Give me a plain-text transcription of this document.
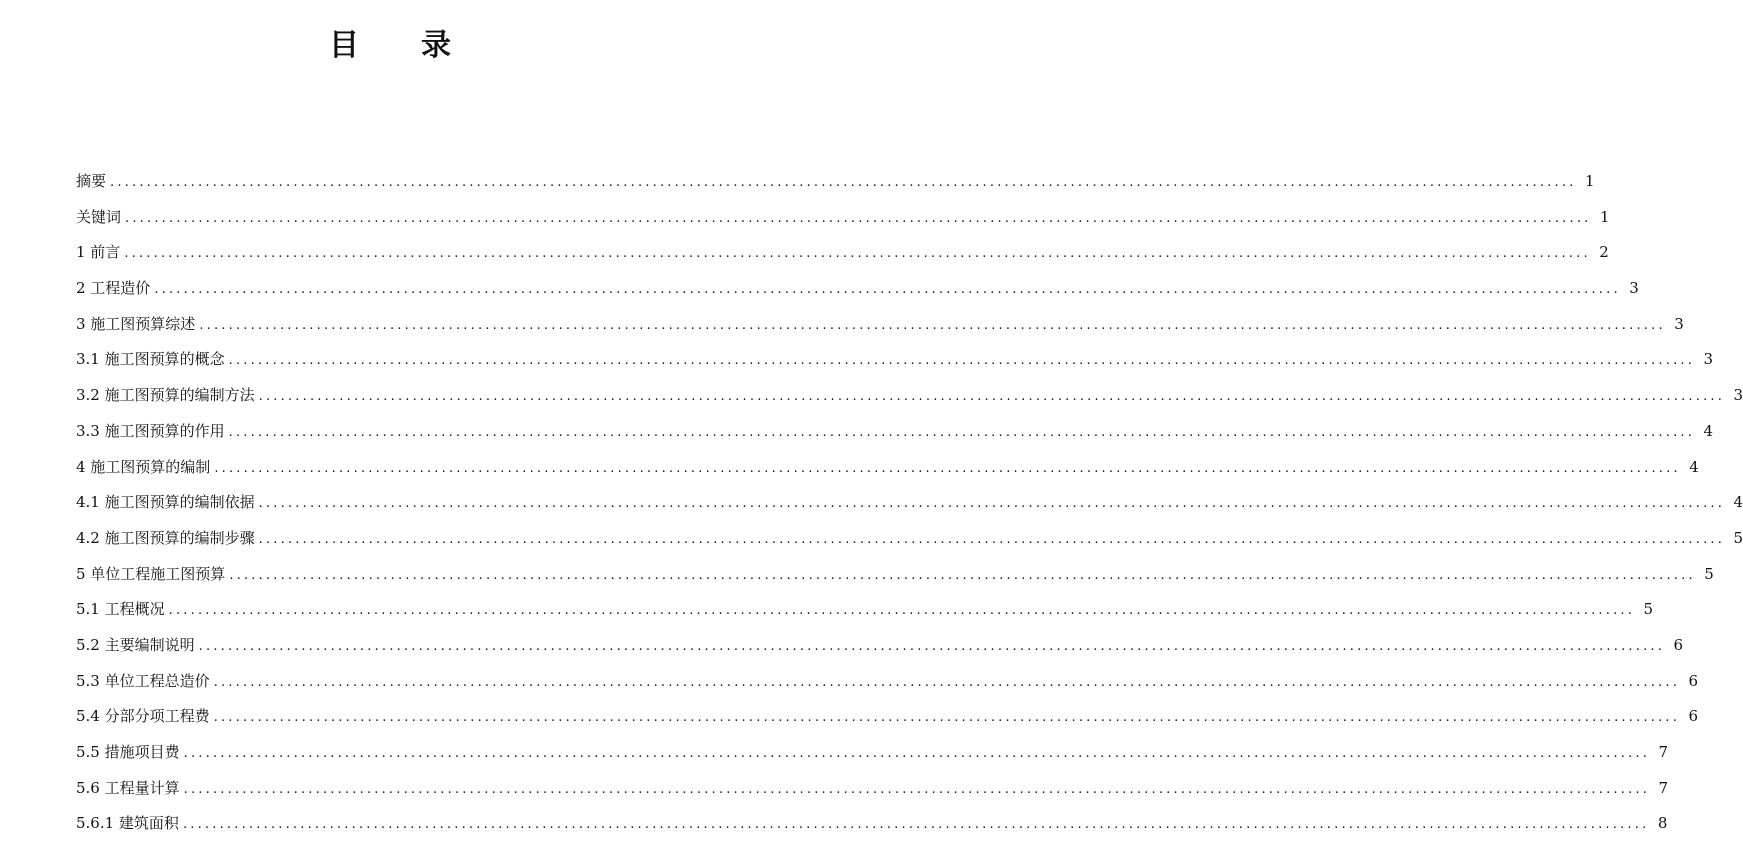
目 录
摘要 ........................................................................................................................................................................................................ 1
关键词 ........................................................................................................................................................................................................ 1
1 前言 ........................................................................................................................................................................................................ 2
2 工程造价 ........................................................................................................................................................................................................ 3
3 施工图预算综述 ........................................................................................................................................................................................................ 3
3.1 施工图预算的概念 ........................................................................................................................................................................................................ 3
3.2 施工图预算的编制方法 ........................................................................................................................................................................................................ 3
3.3 施工图预算的作用 ........................................................................................................................................................................................................ 4
4 施工图预算的编制 ........................................................................................................................................................................................................ 4
4.1 施工图预算的编制依据 ........................................................................................................................................................................................................ 4
4.2 施工图预算的编制步骤 ........................................................................................................................................................................................................ 5
5 单位工程施工图预算 ........................................................................................................................................................................................................ 5
5.1 工程概况 ........................................................................................................................................................................................................ 5
5.2 主要编制说明 ........................................................................................................................................................................................................ 6
5.3 单位工程总造价 ........................................................................................................................................................................................................ 6
5.4 分部分项工程费 ........................................................................................................................................................................................................ 6
5.5 措施项目费 ........................................................................................................................................................................................................ 7
5.6 工程量计算 ........................................................................................................................................................................................................ 7
5.6.1 建筑面积 ........................................................................................................................................................................................................ 8
